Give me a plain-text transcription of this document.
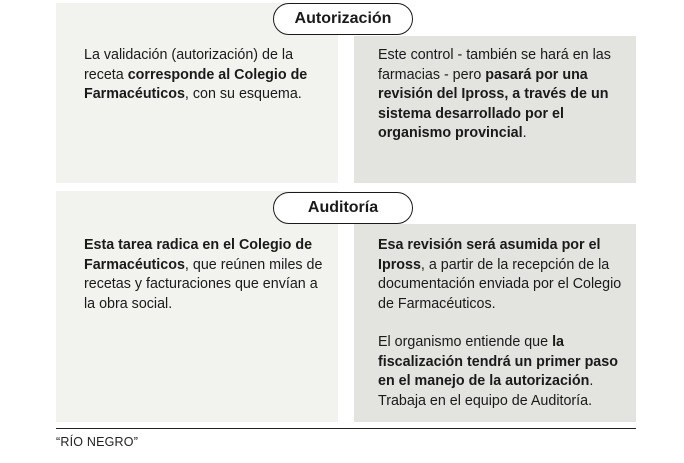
La validación (autorización) de la receta corresponde al Colegio de Farmacéuticos, con su esquema.

Este control - también se hará en las farmacias - pero pasará por una revisión del Ipross, a través de un sistema desarrollado por el organismo provincial.

Autorización

Esta tarea radica en el Colegio de Farmacéuticos, que reúnen miles de recetas y facturaciones que envían a la obra social.

Esa revisión será asumida por el Ipross, a partir de la recepción de la documentación enviada por el Colegio de Farmacéuticos.

El organismo entiende que la fiscalización tendrá un primer paso en el manejo de la autorización. Trabaja en el equipo de Auditoría.

Auditoría
“RÍO NEGRO”
